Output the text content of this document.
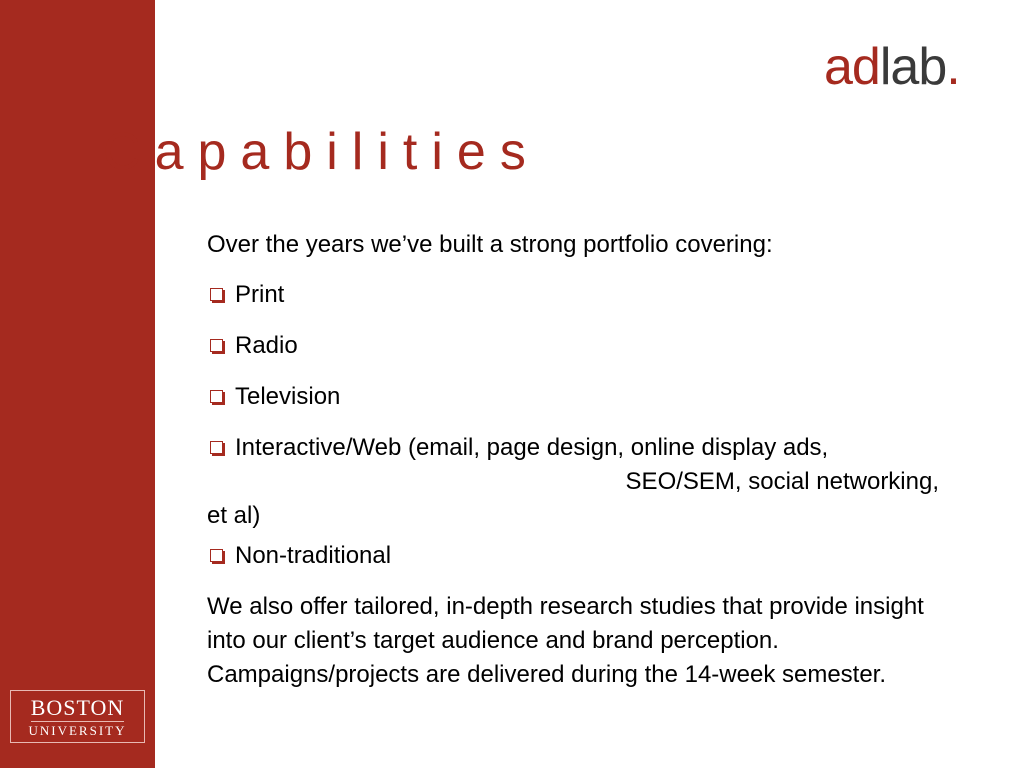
BOSTON
UNIVERSITY
adlab.
Capabilities

Over the years we’ve built a strong portfolio covering:

Print
Radio
Television
Interactive/Web (email, page design, online display ads,
SEO/SEM, social networking,
et al)
Non-traditional

We also offer tailored, in-depth research studies that provide insight into our client’s target audience and brand perception. Campaigns/projects are delivered during the 14-week semester.
